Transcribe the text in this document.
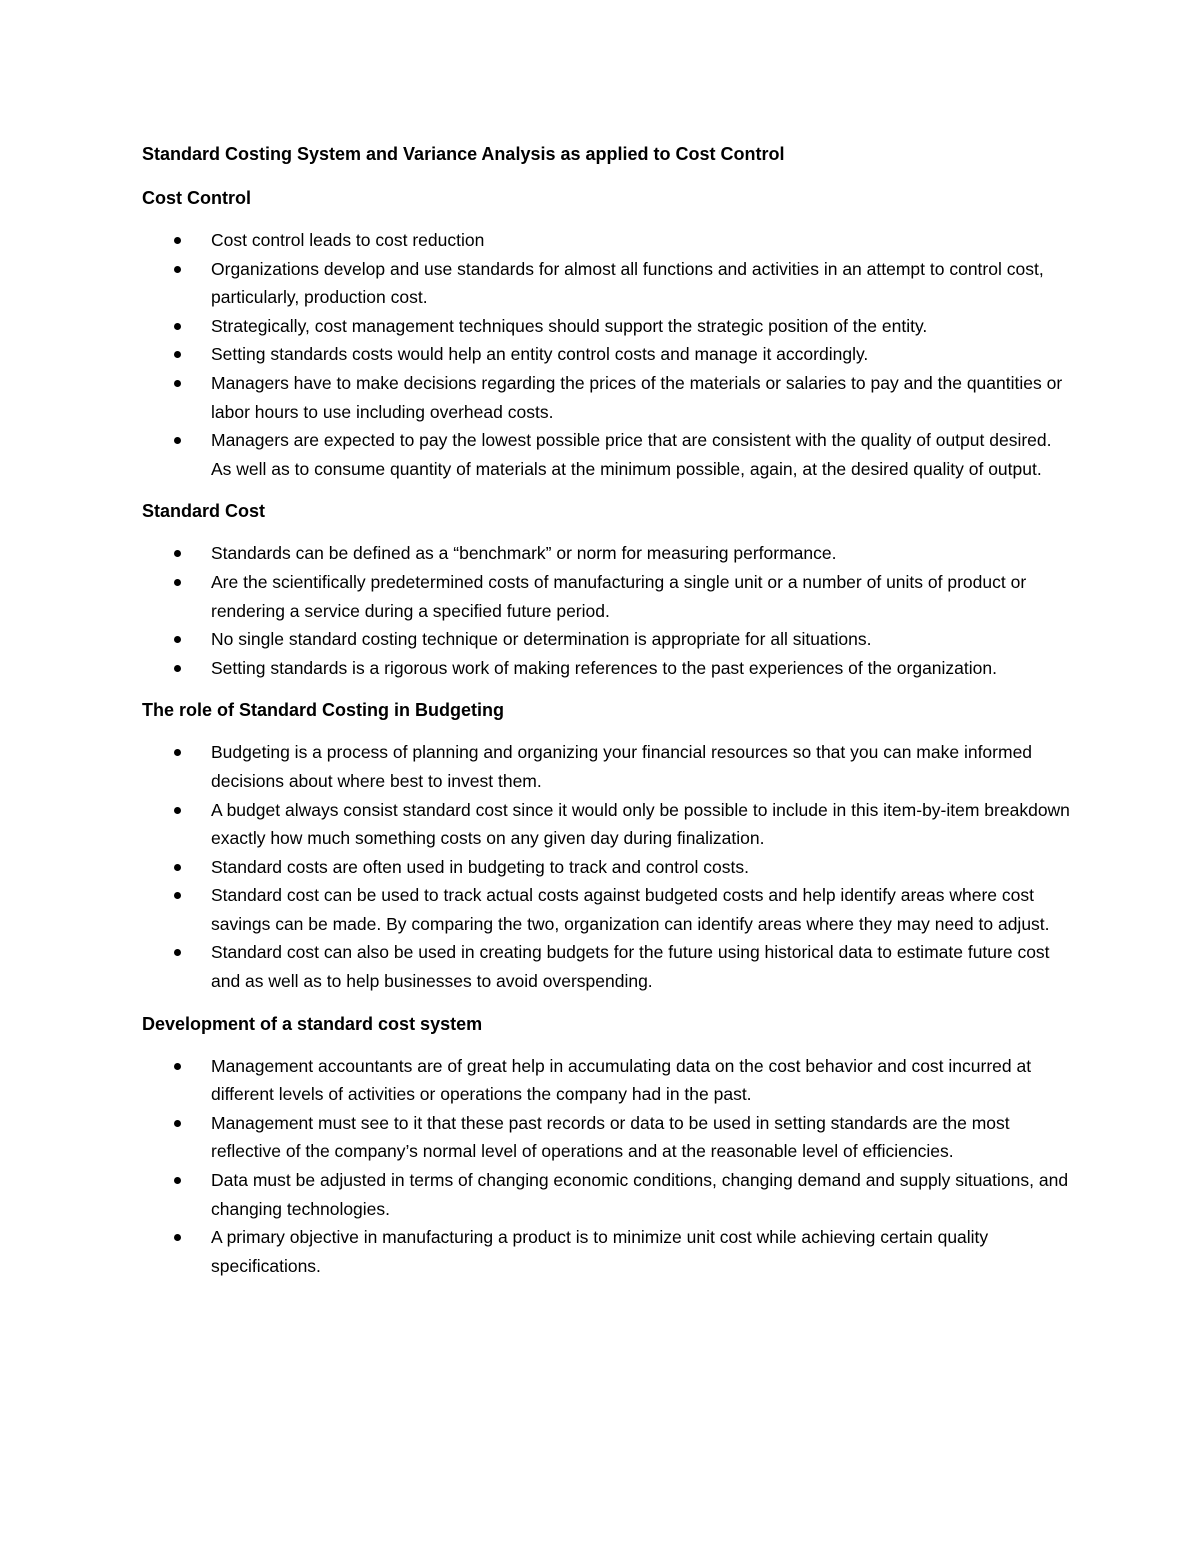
Standard Costing System and Variance Analysis as applied to Cost Control
Cost Control
Cost control leads to cost reduction
Organizations develop and use standards for almost all functions and activities in an attempt to control cost, particularly, production cost.
Strategically, cost management techniques should support the strategic position of the entity.
Setting standards costs would help an entity control costs and manage it accordingly.
Managers have to make decisions regarding the prices of the materials or salaries to pay and the quantities or labor hours to use including overhead costs.
Managers are expected to pay the lowest possible price that are consistent with the quality of output desired. As well as to consume quantity of materials at the minimum possible, again, at the desired quality of output.
Standard Cost
Standards can be defined as a “benchmark” or norm for measuring performance.
Are the scientifically predetermined costs of manufacturing a single unit or a number of units of product or rendering a service during a specified future period.
No single standard costing technique or determination is appropriate for all situations.
Setting standards is a rigorous work of making references to the past experiences of the organization.
The role of Standard Costing in Budgeting
Budgeting is a process of planning and organizing your financial resources so that you can make informed decisions about where best to invest them.
A budget always consist standard cost since it would only be possible to include in this item-by-item breakdown exactly how much something costs on any given day during finalization.
Standard costs are often used in budgeting to track and control costs.
Standard cost can be used to track actual costs against budgeted costs and help identify areas where cost savings can be made. By comparing the two, organization can identify areas where they may need to adjust.
Standard cost can also be used in creating budgets for the future using historical data to estimate future cost and as well as to help businesses to avoid overspending.
Development of a standard cost system
Management accountants are of great help in accumulating data on the cost behavior and cost incurred at different levels of activities or operations the company had in the past.
Management must see to it that these past records or data to be used in setting standards are the most reflective of the company’s normal level of operations and at the reasonable level of efficiencies.
Data must be adjusted in terms of changing economic conditions, changing demand and supply situations, and changing technologies.
A primary objective in manufacturing a product is to minimize unit cost while achieving certain quality specifications.
